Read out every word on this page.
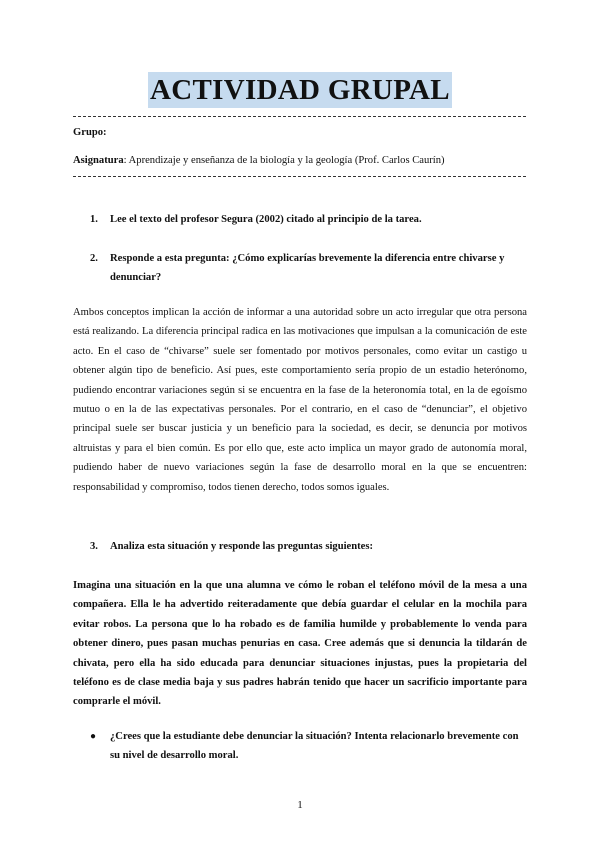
ACTIVIDAD GRUPAL
Grupo:
Asignatura: Aprendizaje y enseñanza de la biología y la geología (Prof. Carlos Caurín)
1. Lee el texto del profesor Segura (2002) citado al principio de la tarea.
2. Responde a esta pregunta: ¿Cómo explicarías brevemente la diferencia entre chivarse y denunciar?
Ambos conceptos implican la acción de informar a una autoridad sobre un acto irregular que otra persona está realizando. La diferencia principal radica en las motivaciones que impulsan a la comunicación de este acto. En el caso de “chivarse” suele ser fomentado por motivos personales, como evitar un castigo u obtener algún tipo de beneficio. Así pues, este comportamiento sería propio de un estadio heterónomo, pudiendo encontrar variaciones según si se encuentra en la fase de la heteronomía total, en la de egoísmo mutuo o en la de las expectativas personales. Por el contrario, en el caso de “denunciar”, el objetivo principal suele ser buscar justicia y un beneficio para la sociedad, es decir, se denuncia por motivos altruistas y para el bien común. Es por ello que, este acto implica un mayor grado de autonomía moral, pudiendo haber de nuevo variaciones según la fase de desarrollo moral en la que se encuentren: responsabilidad y compromiso, todos tienen derecho, todos somos iguales.
3. Analiza esta situación y responde las preguntas siguientes:
Imagina una situación en la que una alumna ve cómo le roban el teléfono móvil de la mesa a una compañera. Ella le ha advertido reiteradamente que debía guardar el celular en la mochila para evitar robos. La persona que lo ha robado es de familia humilde y probablemente lo venda para obtener dinero, pues pasan muchas penurias en casa. Cree además que si denuncia la tildarán de chivata, pero ella ha sido educada para denunciar situaciones injustas, pues la propietaria del teléfono es de clase media baja y sus padres habrán tenido que hacer un sacrificio importante para comprarle el móvil.
● ¿Crees que la estudiante debe denunciar la situación? Intenta relacionarlo brevemente con su nivel de desarrollo moral.
1
